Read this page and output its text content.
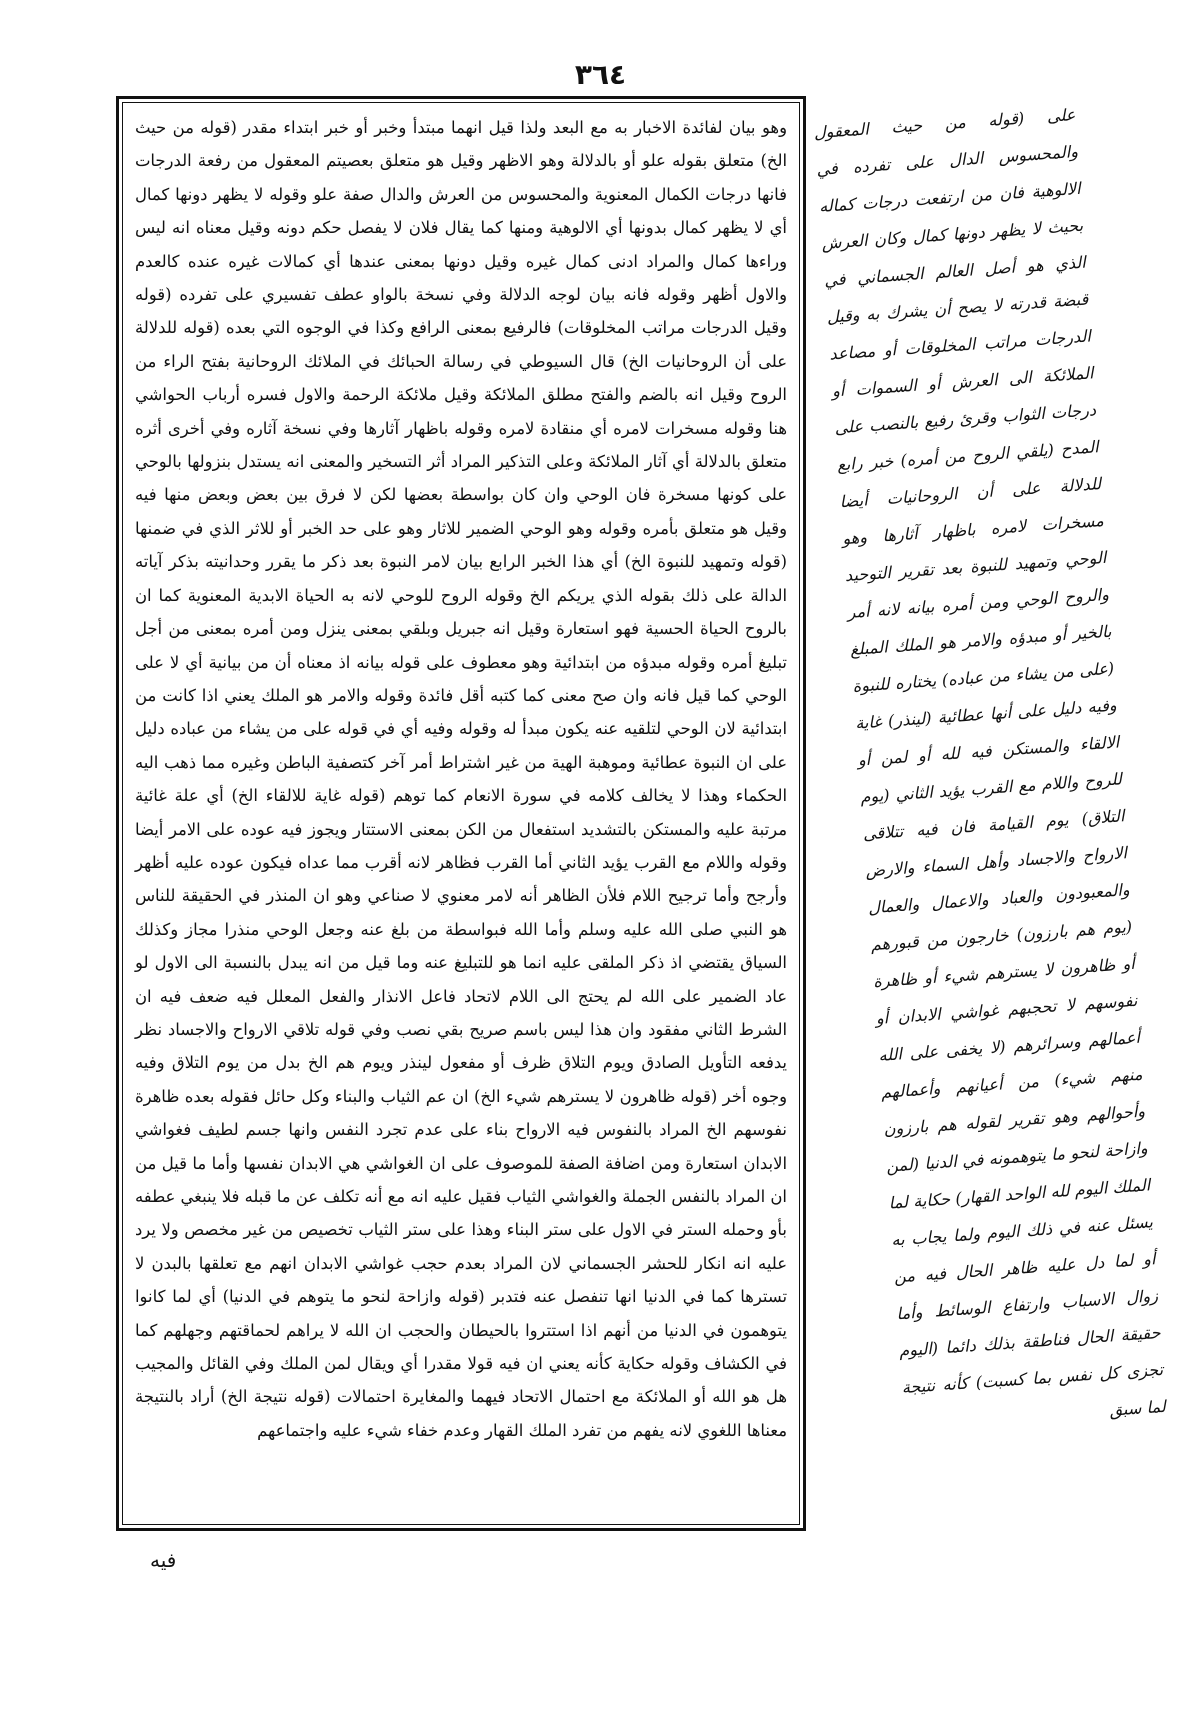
٣٦٤

على (قوله من حيث المعقول والمحسوس الدال على تفرده في الالوهية فان من ارتفعت درجات كماله بحيث لا يظهر دونها كمال وكان العرش الذي هو أصل العالم الجسماني في قبضة قدرته لا يصح أن يشرك به وقيل الدرجات مراتب المخلوقات أو مصاعد الملائكة الى العرش أو السموات أو درجات الثواب وقرئ رفيع بالنصب على المدح (يلقي الروح من أمره) خبر رابع للدلالة على أن الروحانيات أيضا مسخرات لامره باظهار آثارها وهو الوحي وتمهيد للنبوة بعد تقرير التوحيد والروح الوحي ومن أمره بيانه لانه أمر بالخير أو مبدؤه والامر هو الملك المبلغ (على من يشاء من عباده) يختاره للنبوة وفيه دليل على أنها عطائية (لينذر) غاية الالقاء والمستكن فيه لله أو لمن أو للروح واللام مع القرب يؤيد الثاني (يوم التلاق) يوم القيامة فان فيه تتلاقى الارواح والاجساد وأهل السماء والارض والمعبودون والعباد والاعمال والعمال (يوم هم بارزون) خارجون من قبورهم أو ظاهرون لا يسترهم شيء أو ظاهرة نفوسهم لا تحجبهم غواشي الابدان أو أعمالهم وسرائرهم (لا يخفى على الله منهم شيء) من أعيانهم وأعمالهم وأحوالهم وهو تقرير لقوله هم بارزون وازاحة لنحو ما يتوهمونه في الدنيا (لمن الملك اليوم لله الواحد القهار) حكاية لما يسئل عنه في ذلك اليوم ولما يجاب به أو لما دل عليه ظاهر الحال فيه من زوال الاسباب وارتفاع الوسائط وأما حقيقة الحال فناطقة بذلك دائما (اليوم تجزى كل نفس بما كسبت) كأنه نتيجة لما سبق

وهو بيان لفائدة الاخبار به مع البعد ولذا قيل انهما مبتدأ وخبر أو خبر ابتداء مقدر (قوله من حيث الخ) متعلق بقوله علو أو بالدلالة وهو الاظهر وقيل هو متعلق بعصيتم المعقول من رفعة الدرجات فانها درجات الكمال المعنوية والمحسوس من العرش والدال صفة علو وقوله لا يظهر دونها كمال أي لا يظهر كمال بدونها أي الالوهية ومنها كما يقال فلان لا يفصل حكم دونه وقيل معناه انه ليس وراءها كمال والمراد ادنى كمال غيره وقيل دونها بمعنى عندها أي كمالات غيره عنده كالعدم والاول أظهر وقوله فانه بيان لوجه الدلالة وفي نسخة بالواو عطف تفسيري على تفرده (قوله وقيل الدرجات مراتب المخلوقات) فالرفيع بمعنى الرافع وكذا في الوجوه التي بعده (قوله للدلالة على أن الروحانيات الخ) قال السيوطي في رسالة الحبائك في الملائك الروحانية بفتح الراء من الروح وقيل انه بالضم والفتح مطلق الملائكة وقيل ملائكة الرحمة والاول فسره أرباب الحواشي هنا وقوله مسخرات لامره أي منقادة لامره وقوله باظهار آثارها وفي نسخة آثاره وفي أخرى أثره متعلق بالدلالة أي آثار الملائكة وعلى التذكير المراد أثر التسخير والمعنى انه يستدل بنزولها بالوحي على كونها مسخرة فان الوحي وان كان بواسطة بعضها لكن لا فرق بين بعض وبعض منها فيه وقيل هو متعلق بأمره وقوله وهو الوحي الضمير للاثار وهو على حد الخبر أو للاثر الذي في ضمنها (قوله وتمهيد للنبوة الخ) أي هذا الخبر الرابع بيان لامر النبوة بعد ذكر ما يقرر وحدانيته بذكر آياته الدالة على ذلك بقوله الذي يريكم الخ وقوله الروح للوحي لانه به الحياة الابدية المعنوية كما ان بالروح الحياة الحسية فهو استعارة وقيل انه جبريل وبلقي بمعنى ينزل ومن أمره بمعنى من أجل تبليغ أمره وقوله مبدؤه من ابتدائية وهو معطوف على قوله بيانه اذ معناه أن من بيانية أي لا على الوحي كما قيل فانه وان صح معنى كما كتبه أقل فائدة وقوله والامر هو الملك يعني اذا كانت من ابتدائية لان الوحي لتلقيه عنه يكون مبدأ له وقوله وفيه أي في قوله على من يشاء من عباده دليل على ان النبوة عطائية وموهبة الهية من غير اشتراط أمر آخر كتصفية الباطن وغيره مما ذهب اليه الحكماء وهذا لا يخالف كلامه في سورة الانعام كما توهم (قوله غاية للالقاء الخ) أي علة غائية مرتبة عليه والمستكن بالتشديد استفعال من الكن بمعنى الاستتار ويجوز فيه عوده على الامر أيضا وقوله واللام مع القرب يؤيد الثاني أما القرب فظاهر لانه أقرب مما عداه فيكون عوده عليه أظهر وأرجح وأما ترجيح اللام فلأن الظاهر أنه لامر معنوي لا صناعي وهو ان المنذر في الحقيقة للناس هو النبي صلى الله عليه وسلم وأما الله فبواسطة من بلغ عنه وجعل الوحي منذرا مجاز وكذلك السياق يقتضي اذ ذكر الملقى عليه انما هو للتبليغ عنه وما قيل من انه يبدل بالنسبة الى الاول لو عاد الضمير على الله لم يحتج الى اللام لاتحاد فاعل الانذار والفعل المعلل فيه ضعف فيه ان الشرط الثاني مفقود وان هذا ليس باسم صريح بقي نصب وفي قوله تلاقي الارواح والاجساد نظر يدفعه التأويل الصادق ويوم التلاق ظرف أو مفعول لينذر ويوم هم الخ بدل من يوم التلاق وفيه وجوه أخر (قوله ظاهرون لا يسترهم شيء الخ) ان عم الثياب والبناء وكل حائل فقوله بعده ظاهرة نفوسهم الخ المراد بالنفوس فيه الارواح بناء على عدم تجرد النفس وانها جسم لطيف فغواشي الابدان استعارة ومن اضافة الصفة للموصوف على ان الغواشي هي الابدان نفسها وأما ما قيل من ان المراد بالنفس الجملة والغواشي الثياب فقيل عليه انه مع أنه تكلف عن ما قبله فلا ينبغي عطفه بأو وحمله الستر في الاول على ستر البناء وهذا على ستر الثياب تخصيص من غير مخصص ولا يرد عليه انه انكار للحشر الجسماني لان المراد بعدم حجب غواشي الابدان انهم مع تعلقها بالبدن لا تسترها كما في الدنيا انها تنفصل عنه فتدبر (قوله وازاحة لنحو ما يتوهم في الدنيا) أي لما كانوا يتوهمون في الدنيا من أنهم اذا استتروا بالحيطان والحجب ان الله لا يراهم لحماقتهم وجهلهم كما في الكشاف وقوله حكاية كأنه يعني ان فيه قولا مقدرا أي ويقال لمن الملك وفي القائل والمجيب هل هو الله أو الملائكة مع احتمال الاتحاد فيهما والمغايرة احتمالات (قوله نتيجة الخ) أراد بالنتيجة معناها اللغوي لانه يفهم من تفرد الملك القهار وعدم خفاء شيء عليه واجتماعهم

فيه
